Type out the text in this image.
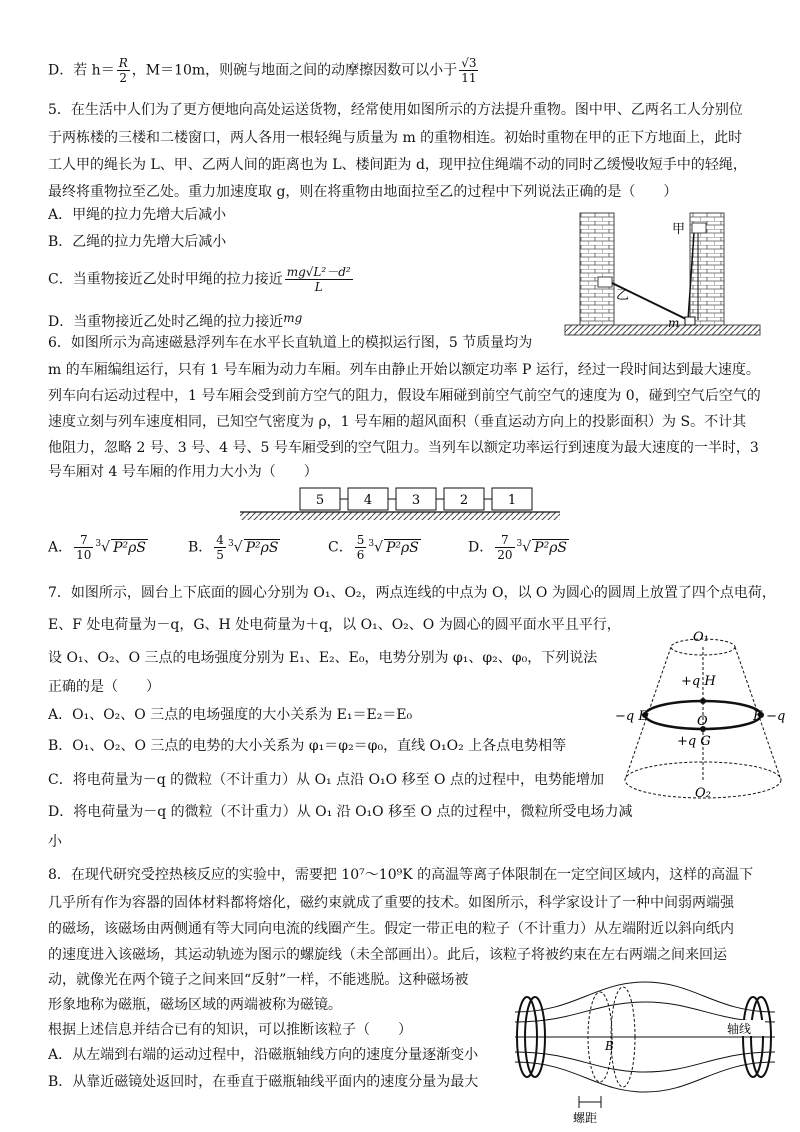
D．若 $h= \frac{R}{2}$ ，M＝10m，则碗与地面之间的动摩擦因数可以小于 $\frac{√3}{11}$
5．在生活中人们为了更方便地向高处运送货物，经常使用如图所示的方法提升重物。图中甲、乙两名工人分别位
于两栋楼的三楼和二楼窗口，两人各用一根轻绳与质量为 m 的重物相连。初始时重物在甲的正下方地面上，此时
工人甲的绳长为 L、甲、乙两人间的距离也为 L、楼间距为 d，现甲拉住绳端不动的同时乙缓慢收短手中的轻绳，
最终将重物拉至乙处。重力加速度取 g，则在将重物由地面拉至乙的过程中下列说法正确的是（　　）
A．甲绳的拉力先增大后减小
B．乙绳的拉力先增大后减小
C．当重物接近乙处时甲绳的拉力接近 $\frac{\text{mg√L²－d²}}{L}$
D．当重物接近乙处时乙绳的拉力接近mg
甲
乙
m
6．如图所示为高速磁悬浮列车在水平长直轨道上的模拟运行图，5 节质量均为
m 的车厢编组运行，只有 1 号车厢为动力车厢。列车由静止开始以额定功率 P 运行，经过一段时间达到最大速度。
列车向右运动过程中，1 号车厢会受到前方空气的阻力，假设车厢碰到前空气前空气的速度为 0，碰到空气后空气的
速度立刻与列车速度相同，已知空气密度为 ρ，1 号车厢的超风面积（垂直运动方向上的投影面积）为 S。不计其
他阻力，忽略 2 号、3 号、4 号、5 号车厢受到的空气阻力。当列车以额定功率运行到速度为最大速度的一半时，3
号车厢对 4 号车厢的作用力大小为（　　）
5	4	3	2	1
A． $\frac{7}{10} ^3√$ P²ρS	B． $\frac{4}{5} ^3√$ P²ρS	C． $\frac{5}{6} ^3√$ P²ρS	D． $\frac{7}{20} ^3√$ P²ρS
7．如图所示，圆台上下底面的圆心分别为 O₁、O₂，两点连线的中点为 O，以 O 为圆心的圆周上放置了四个点电荷，
E、F 处电荷量为－q，G、H 处电荷量为＋q，以 O₁、O₂、O 为圆心的圆平面水平且平行，
设 O₁、O₂、O 三点的电场强度分别为 E₁、E₂、E₀，电势分别为 φ₁、φ₂、φ₀，下列说法
正确的是（　　）
A．O₁、O₂、O 三点的电场强度的大小关系为 E₁＝E₂＝E₀
B．O₁、O₂、O 三点的电势的大小关系为 φ₁＝φ₂＝φ₀，直线 O₁O₂ 上各点电势相等
C．将电荷量为－q 的微粒（不计重力）从 O₁ 点沿 O₁O 移至 O 点的过程中，电势能增加
D．将电荷量为－q 的微粒（不计重力）从 O₁ 沿 O₁O 移至 O 点的过程中，微粒所受电场力减
小
O₁
+q H
−q E	O	F −q
+q G
O₂
8．在现代研究受控热核反应的实验中，需要把 10⁷～10⁹K 的高温等离子体限制在一定空间区域内，这样的高温下
几乎所有作为容器的固体材料都将熔化，磁约束就成了重要的技术。如图所示，科学家设计了一种中间弱两端强
的磁场，该磁场由两侧通有等大同向电流的线圈产生。假定一带正电的粒子（不计重力）从左端附近以斜向纸内
的速度进入该磁场，其运动轨迹为图示的螺旋线（未全部画出）。此后，该粒子将被约束在左右两端之间来回运
动，就像光在两个镜子之间来回“反射”一样，不能逃脱。这种磁场被
形象地称为磁瓶，磁场区域的两端被称为磁镜。
根据上述信息并结合已有的知识，可以推断该粒子（　　）
A．从左端到右端的运动过程中，沿磁瓶轴线方向的速度分量逐渐变小
B．从靠近磁镜处返回时，在垂直于磁瓶轴线平面内的速度分量为最大
B
轴线
螺距
